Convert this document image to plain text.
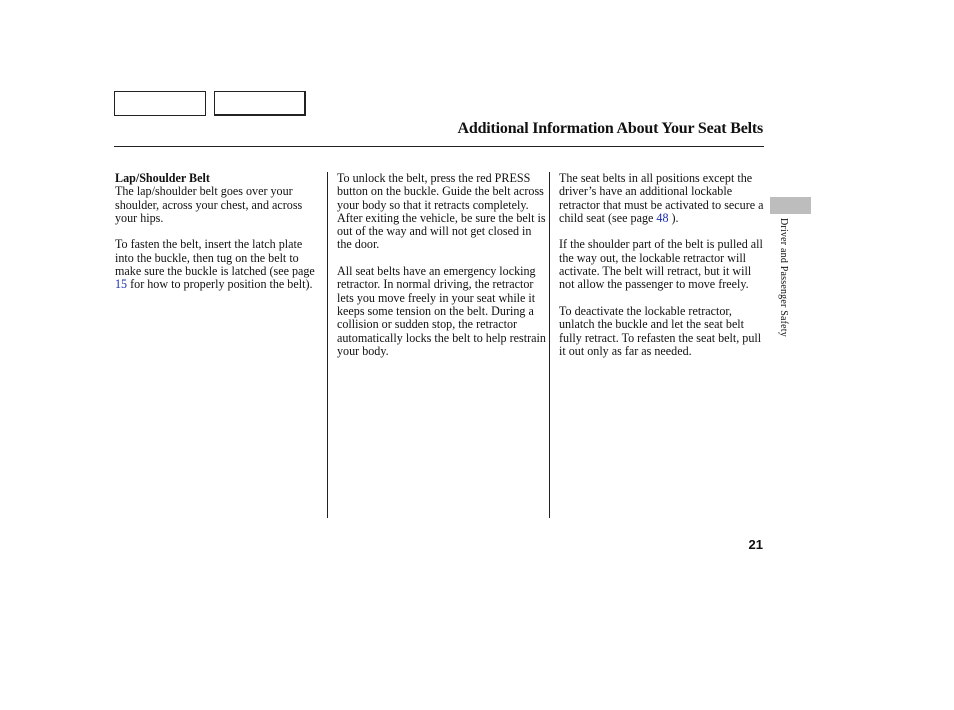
Additional Information About Your Seat Belts

Lap/Shoulder Belt
The lap/shoulder belt goes over your shoulder, across your chest, and across your hips.

To fasten the belt, insert the latch plate into the buckle, then tug on the belt to make sure the buckle is latched (see page 15 for how to properly position the belt).

To unlock the belt, press the red PRESS button on the buckle. Guide the belt across your body so that it retracts completely. After exiting the vehicle, be sure the belt is out of the way and will not get closed in the door.

All seat belts have an emergency locking retractor. In normal driving, the retractor lets you move freely in your seat while it keeps some tension on the belt. During a collision or sudden stop, the retractor automatically locks the belt to help restrain your body.

The seat belts in all positions except the driver’s have an additional lockable retractor that must be activated to secure a child seat (see page 48 ).

If the shoulder part of the belt is pulled all the way out, the lockable retractor will activate. The belt will retract, but it will not allow the passenger to move freely.

To deactivate the lockable retractor, unlatch the buckle and let the seat belt fully retract. To refasten the seat belt, pull it out only as far as needed.

Driver and Passenger Safety
21
